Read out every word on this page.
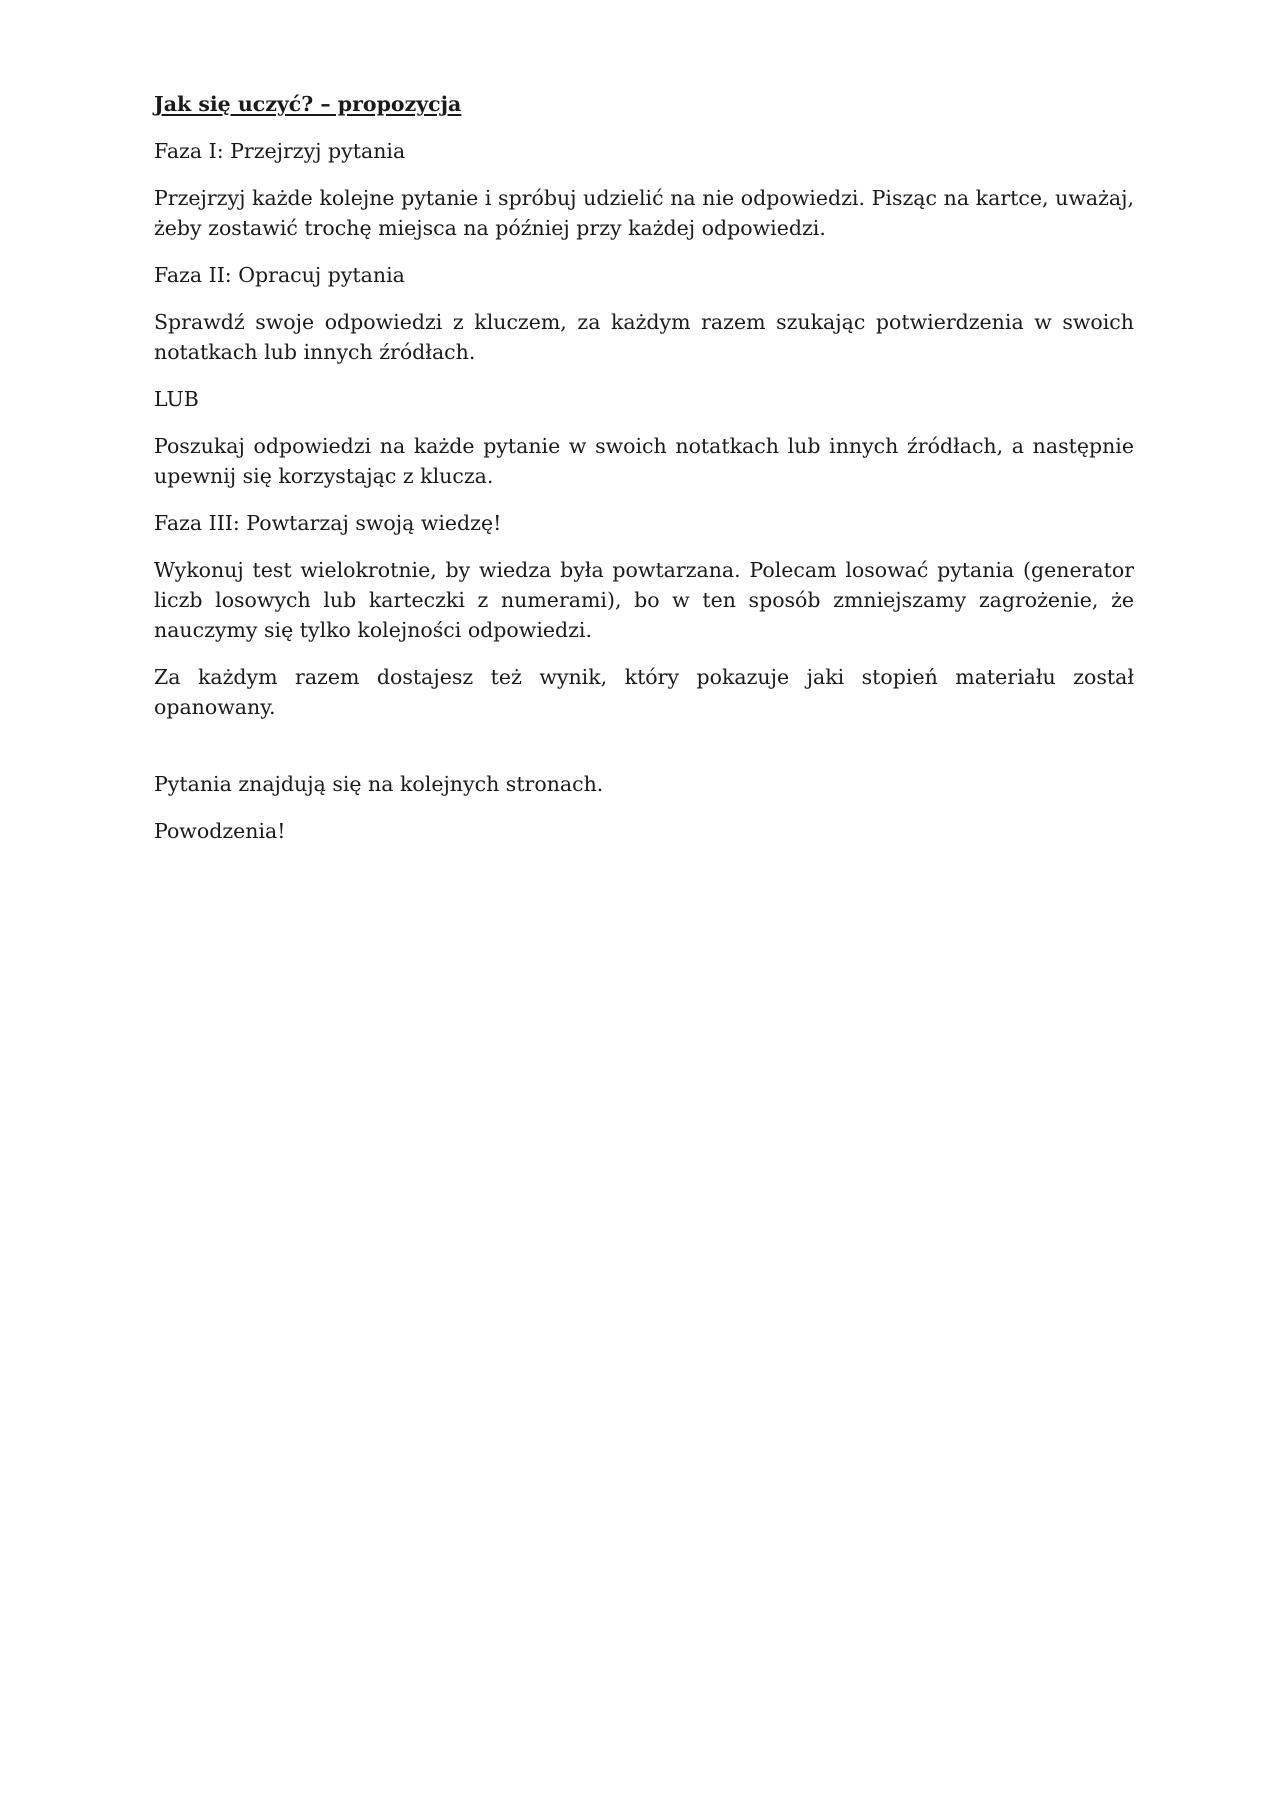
Jak się uczyć? – propozycja

Faza I: Przejrzyj pytania

Przejrzyj każde kolejne pytanie i spróbuj udzielić na nie odpowiedzi. Pisząc na kartce, uważaj, żeby zostawić trochę miejsca na później przy każdej odpowiedzi.

Faza II: Opracuj pytania

Sprawdź swoje odpowiedzi z kluczem, za każdym razem szukając potwierdzenia w swoich notatkach lub innych źródłach.

LUB

Poszukaj odpowiedzi na każde pytanie w swoich notatkach lub innych źródłach, a następnie upewnij się korzystając z klucza.

Faza III: Powtarzaj swoją wiedzę!

Wykonuj test wielokrotnie, by wiedza była powtarzana. Polecam losować pytania (generator liczb losowych lub karteczki z numerami), bo w ten sposób zmniejszamy zagrożenie, że nauczymy się tylko kolejności odpowiedzi.

Za każdym razem dostajesz też wynik, który pokazuje jaki stopień materiału został opanowany.

Pytania znajdują się na kolejnych stronach.

Powodzenia!
